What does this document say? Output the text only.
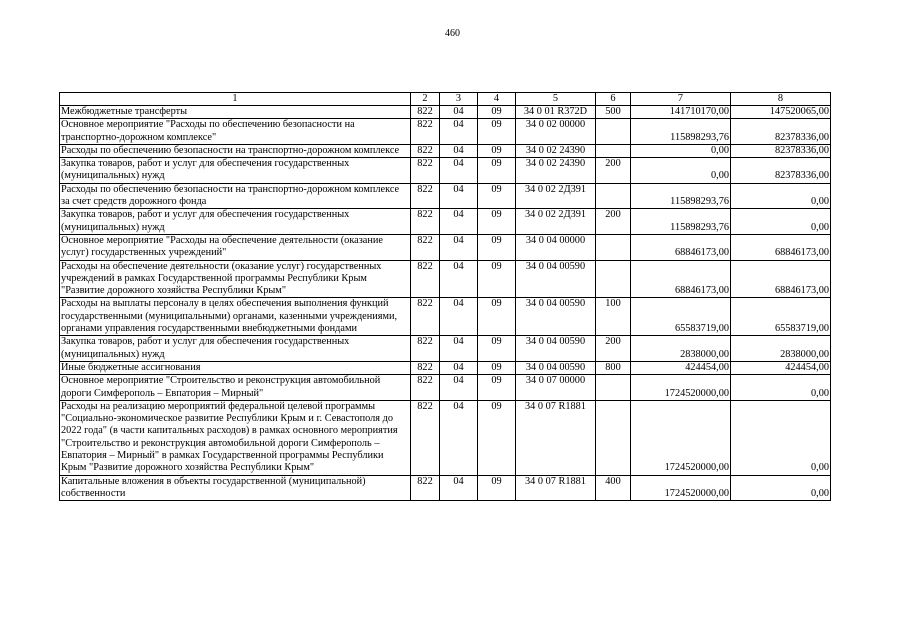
460
1	2	3	4	5	6	7	8
Межбюджетные трансферты	822	04	09	34 0 01 R372D	500	141710170,00	147520065,00
Основное мероприятие "Расходы по обеспечению безопасности на транспортно-дорожном комплексе"	822	04	09	34 0 02 00000		115898293,76	82378336,00
Расходы по обеспечению безопасности на транспортно-дорожном комплексе	822	04	09	34 0 02 24390		0,00	82378336,00
Закупка товаров, работ и услуг для обеспечения государственных (муниципальных) нужд	822	04	09	34 0 02 24390	200	0,00	82378336,00
Расходы по обеспечению безопасности на транспортно-дорожном комплексе за счет средств дорожного фонда	822	04	09	34 0 02 2Д391		115898293,76	0,00
Закупка товаров, работ и услуг для обеспечения государственных (муниципальных) нужд	822	04	09	34 0 02 2Д391	200	115898293,76	0,00
Основное мероприятие "Расходы на обеспечение деятельности (оказание услуг) государственных учреждений"	822	04	09	34 0 04 00000		68846173,00	68846173,00
Расходы на обеспечение деятельности (оказание услуг) государственных учреждений в рамках Государственной программы Республики Крым "Развитие дорожного хозяйства Республики Крым"	822	04	09	34 0 04 00590		68846173,00	68846173,00
Расходы на выплаты персоналу в целях обеспечения выполнения функций государственными (муниципальными) органами, казенными учреждениями, органами управления государственными внебюджетными фондами	822	04	09	34 0 04 00590	100	65583719,00	65583719,00
Закупка товаров, работ и услуг для обеспечения государственных (муниципальных) нужд	822	04	09	34 0 04 00590	200	2838000,00	2838000,00
Иные бюджетные ассигнования	822	04	09	34 0 04 00590	800	424454,00	424454,00
Основное мероприятие "Строительство и реконструкция автомобильной дороги Симферополь – Евпатория – Мирный"	822	04	09	34 0 07 00000		1724520000,00	0,00
Расходы на реализацию мероприятий федеральной целевой программы "Социально-экономическое развитие Республики Крым и г. Севастополя до 2022 года" (в части капитальных расходов) в рамках основного мероприятия "Строительство и реконструкция автомобильной дороги Симферополь – Евпатория – Мирный" в рамках Государственной программы Республики Крым "Развитие дорожного хозяйства Республики Крым"	822	04	09	34 0 07 R1881		1724520000,00	0,00
Капитальные вложения в объекты государственной (муниципальной) собственности	822	04	09	34 0 07 R1881	400	1724520000,00	0,00
